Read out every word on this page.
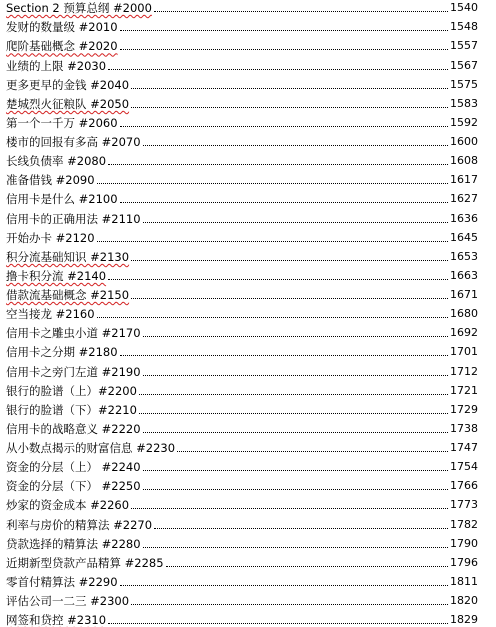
Section 2 预算总纲 #2000	1540
发财的数量级 #2010	1548
爬阶基础概念 #2020	1557
业绩的上限 #2030	1567
更多更早的金钱 #2040	1575
楚城烈火征粮队 #2050	1583
第一个一千万 #2060	1592
楼市的回报有多高 #2070	1600
长线负债率 #2080	1608
准备借钱 #2090	1617
信用卡是什么 #2100	1627
信用卡的正确用法 #2110	1636
开始办卡 #2120	1645
积分流基础知识 #2130	1653
撸卡积分流 #2140	1663
借款流基础概念 #2150	1671
空当接龙 #2160	1680
信用卡之雕虫小道 #2170	1692
信用卡之分期 #2180	1701
信用卡之旁门左道 #2190	1712
银行的脸谱（上）#2200	1721
银行的脸谱（下）#2210	1729
信用卡的战略意义 #2220	1738
从小数点揭示的财富信息 #2230	1747
资金的分层（上） #2240	1754
资金的分层（下） #2250	1766
炒家的资金成本 #2260	1773
利率与房价的精算法 #2270	1782
贷款选择的精算法 #2280	1790
近期新型贷款产品精算 #2285	1796
零首付精算法 #2290	1811
评估公司一二三 #2300	1820
网签和贷控 #2310	1829
